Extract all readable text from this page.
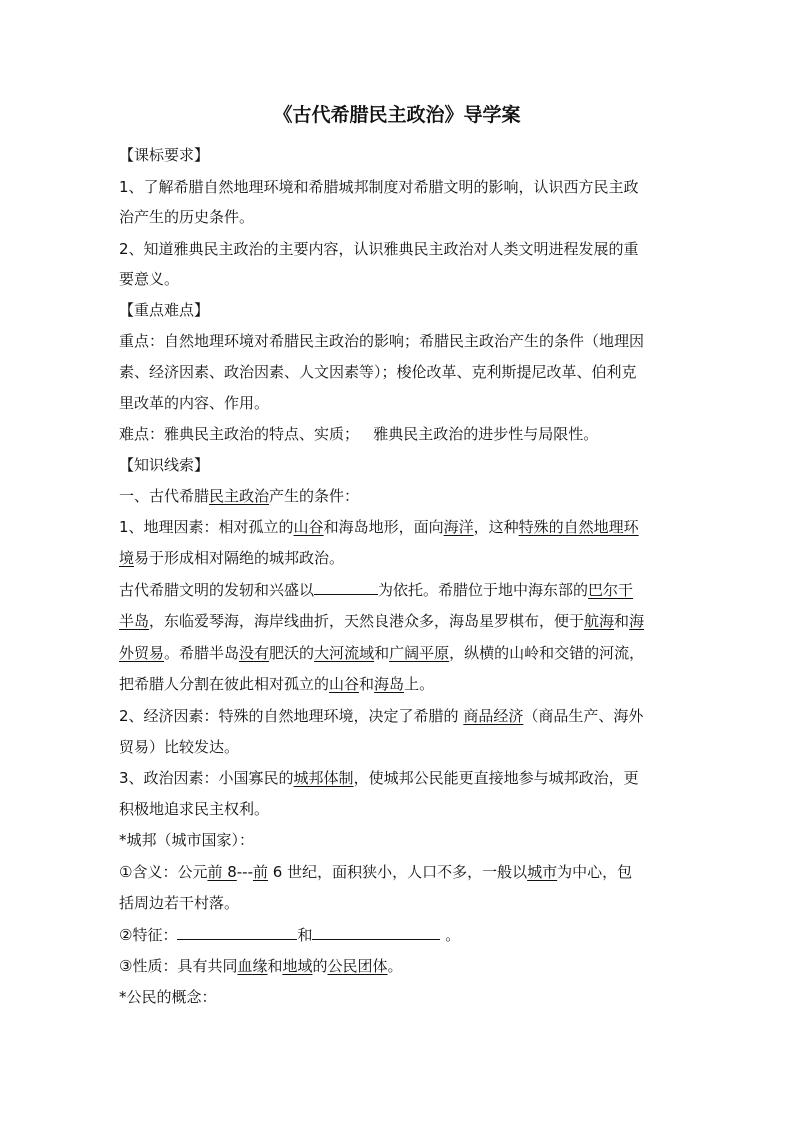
《古代希腊民主政治》导学案
【课标要求】
1、了解希腊自然地理环境和希腊城邦制度对希腊文明的影响，认识西方民主政
治产生的历史条件。
2、知道雅典民主政治的主要内容，认识雅典民主政治对人类文明进程发展的重
要意义。
【重点难点】
重点：自然地理环境对希腊民主政治的影响；希腊民主政治产生的条件（地理因
素、经济因素、政治因素、人文因素等）；梭伦改革、克利斯提尼改革、伯利克
里改革的内容、作用。
难点：雅典民主政治的特点、实质；   雅典民主政治的进步性与局限性。
【知识线索】
一、古代希腊民主政治产生的条件：
1、地理因素：相对孤立的山谷和海岛地形，面向海洋，这种特殊的自然地理环
境易于形成相对隔绝的城邦政治。
古代希腊文明的发轫和兴盛以	为依托。希腊位于地中海东部的巴尔干
半岛，东临爱琴海，海岸线曲折，天然良港众多，海岛星罗棋布，便于航海和海
外贸易。希腊半岛没有肥沃的大河流域和广阔平原，纵横的山岭和交错的河流，
把希腊人分割在彼此相对孤立的山谷和海岛上。
2、经济因素：特殊的自然地理环境，决定了希腊的 商品经济（商品生产、海外
贸易）比较发达。
3、政治因素：小国寡民的城邦体制，使城邦公民能更直接地参与城邦政治，更
积极地追求民主权利。
*城邦（城市国家）：
①含义：公元前 8---前 6 世纪，面积狭小，人口不多，一般以城市为中心，包
括周边若干村落。
②特征：	和	。
③性质：具有共同血缘和地域的公民团体。
*公民的概念：
